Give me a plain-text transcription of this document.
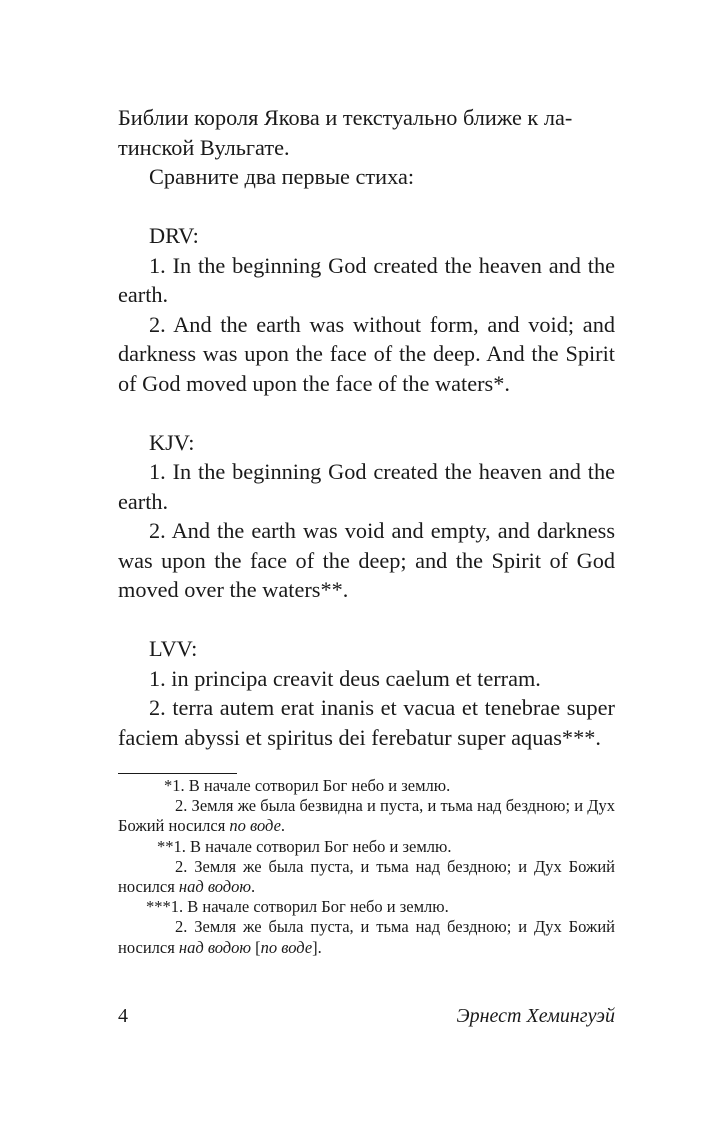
Библии короля Якова и текстуально ближе к ла-
тинской Вульгате.

Сравните два первые стиха:

DRV:

1. In the beginning God created the heaven and the earth.

2. And the earth was without form, and void; and darkness was upon the face of the deep. And the Spirit of God moved upon the face of the waters*.

KJV:

1. In the beginning God created the heaven and the earth.

2. And the earth was void and empty, and darkness was upon the face of the deep; and the Spirit of God moved over the waters**.

LVV:

1. in principa creavit deus caelum et terram.

2. terra autem erat inanis et vacua et tenebrae super faciem abyssi et spiritus dei ferebatur super aquas***.

*1. В начале сотворил Бог небо и землю.

2. Земля же была безвидна и пуста, и тьма над бездною; и Дух Божий носился по воде.

**1. В начале сотворил Бог небо и землю.

2. Земля же была пуста, и тьма над бездною; и Дух Божий носился над водою.

***1. В начале сотворил Бог небо и землю.

2. Земля же была пуста, и тьма над бездною; и Дух Божий носился над водою [по воде].

4	Эрнест Хемингуэй
